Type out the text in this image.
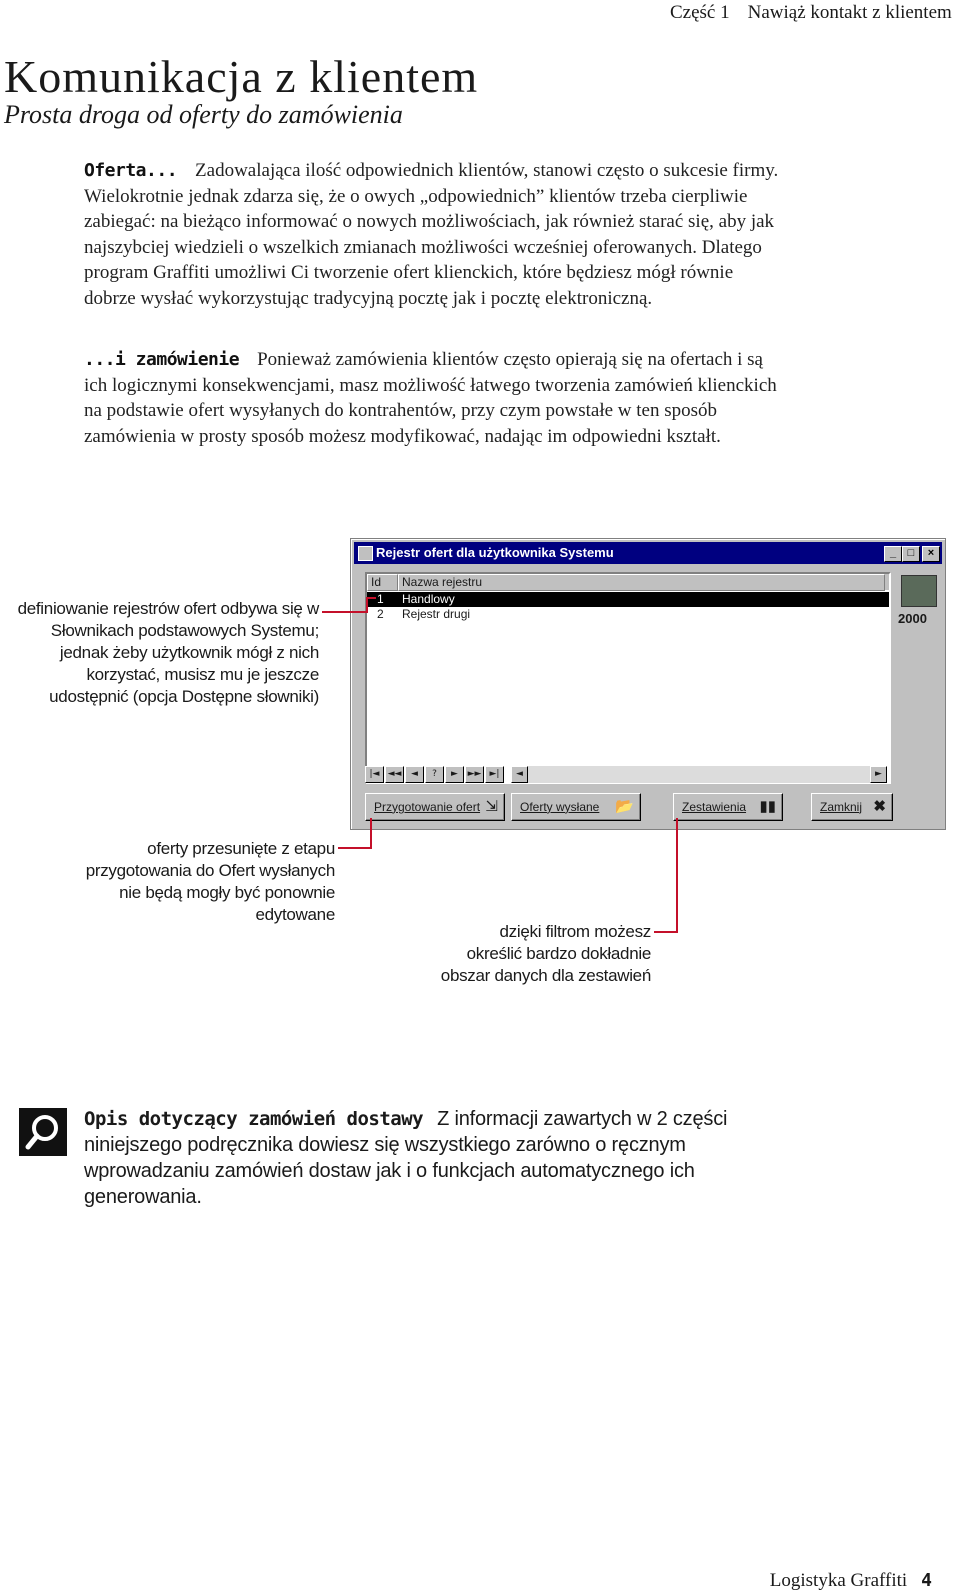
Część 1 Nawiąż kontakt z klientem
Komunikacja z klientem
Prosta droga od oferty do zamówienia
Oferta... Zadowalająca ilość odpowiednich klientów, stanowi często o sukcesie firmy. Wielokrotnie jednak zdarza się, że o owych „odpowiednich” klientów trzeba cierpliwie zabiegać: na bieżąco informować o nowych możliwościach, jak również starać się, aby jak najszybciej wiedzieli o wszelkich zmianach możliwości wcześniej oferowanych. Dlatego program Graffiti umożliwi Ci tworzenie ofert klienckich, które będziesz mógł równie dobrze wysłać wykorzystując tradycyjną pocztę jak i pocztę elektroniczną.
...i zamówienie Ponieważ zamówienia klientów często opierają się na ofertach i są ich logicznymi konsekwencjami, masz możliwość łatwego tworzenia zamówień klienckich na podstawie ofert wysyłanych do kontrahentów, przy czym powstałe w ten sposób zamówienia w prosty sposób możesz modyfikować, nadając im odpowiedni kształt.
Rejestr ofert dla użytkownika Systemu	_	□	×
Id	Nazwa rejestru
1 Handlowy
2 Rejestr drugi
|◄ ◄◄ ◄ ? ► ►► ►|	◄	►
2000
Przygotowanie ofert ⇲	Oferty wysłane 📂	Zestawienia ▮▮	Zamknij ✖
definiowanie rejestrów ofert odbywa się w Słownikach podstawowych Systemu; jednak żeby użytkownik mógł z nich korzystać, musisz mu je jeszcze udostępnić (opcja Dostępne słowniki)
oferty przesunięte z etapu przygotowania do Ofert wysłanych nie będą mogły być ponownie edytowane
dzięki filtrom możesz określić bardzo dokładnie obszar danych dla zestawień
Opis dotyczący zamówień dostawy Z informacji zawartych w 2 części niniejszego podręcznika dowiesz się wszystkiego zarówno o ręcznym wprowadzaniu zamówień dostaw jak i o funkcjach automatycznego ich generowania.
Logistyka Graffiti 4
